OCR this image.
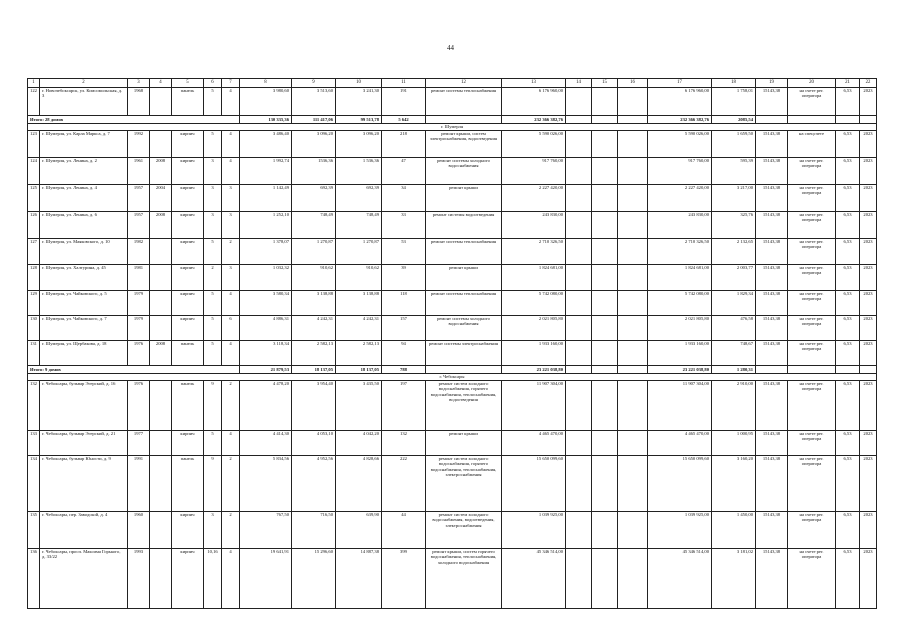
44
1	2	3	4	5	6	7	8	9	10	11	12	13	14	15	16	17	18	19	20	21	22
122	г. Новочебоксарск, ул. Комсомольская, д. 3	1968		панель	5	4	3 980,60	3 513,60	3 241,30	191	ремонт системы теплоснабжения	6 176 960,00				6 176 960,00	1 758,01	15143,38	на счете рег. оператора	6,53	2023
Итого: 28 домов							130 335,36	111 417,06	99 513,78	5 642		232 366 382,76				232 366 382,76	2085,54				
г. Шумерля																					
123	г. Шумерля, ул. Карла Маркса, д. 7	1992		кирпич	5	4	3 486,40	3 096,20	3 096,20	218	ремонт крыши, систем электроснабжения, водоотведения	5 590 026,00				5 590 026,00	1 659,50	15143,38	на спецсчете	6,53	2023
124	г. Шумерля, ул. Ленина, д. 2	1961	2008	кирпич	3	4	1 992,74	1536,36	1 536,36	47	ремонт системы холодного водоснабжения	917 760,00				917 760,00	595,39	15143,38	на счете рег. оператора	6,53	2023
125	г. Шумерля, ул. Ленина, д. 4	1957	2004	кирпич	3	3	1 142,49	692,39	692,39	34	ремонт крыши	2 227 420,00				2 227 420,00	3 217,00	15143,38	на счете рег. оператора	6,53	2023
126	г. Шумерля, ул. Ленина, д. 6	1957	2008	кирпич	3	3	1 252,10	748,49	748,49	33	ремонт системы водоотведения	243 830,00				243 830,00	325,76	15143,38	на счете рег. оператора	6,53	2023
127	г. Шумерля, ул. Маяковского, д. 10	1982		кирпич	5	2	1 378,07	1 270,87	1 270,87	53	ремонт системы теплоснабжения	2 710 326,50				2 710 326,50	2 132,65	15143,38	на счете рег. оператора	6,53	2023
128	г. Шумерля, ул. Халтурина, д. 45	1981		кирпич	2	3	1 032,32	910,62	910,62	39	ремонт крыши	1 824 681,00				1 824 681,00	2 003,77	15143,38	на счете рег. оператора	6,53	2023
129	г. Шумерля, ул. Чайковского, д. 5	1979		кирпич	5	4	3 580,34	3 138,88	3 138,88	118	ремонт системы теплоснабжения	5 742 080,00				5 742 080,00	1 829,34	15143,38	на счете рег. оператора	6,53	2023
130	г. Шумерля, ул. Чайковского, д. 7	1979		кирпич	5	6	4 886,31	4 242,31	4 242,31	157	ремонт системы холодного водоснабжения	2 021 805,80				2 021 805,80	476,58	15143,38	на счете рег. оператора	6,53	2023
131	г. Шумерля, ул. Щербакова, д. 18	1976	2008	панель	5	4	3 118,34	2 582,13	2 582,13	94	ремонт системы электроснабжения	1 933 160,00				1 933 160,00	748,67	15143,38	на счете рег. оператора	6,53	2023
Итого: 9 домов							21 879,53	18 137,05	18 137,05	788		23 221 038,80				23 221 038,80	1 280,31				
г. Чебоксары																					
132	г. Чебоксары, бульвар Эгерский, д. 16	1976		панель	9	2	4 478,20	3 954,40	3 435,50	197	ремонт систем холодного водоснабжения, горячего водоснабжения, теплоснабжения, водоотведения	11 907 304,00				11 907 304,00	2 910,00	15143,38	на счете рег. оператора	6,53	2023
133	г. Чебоксары, бульвар Эгерский, д. 21	1977		кирпич	5	4	4 414,30	4 053,10	4 042,20	132	ремонт крыши	4 465 470,00				4 465 470,00	1 000,95	15143,38	на счете рег. оператора	6,53	2023
134	г. Чебоксары, бульвар Юности, д. 9	1991		панель	9	2	5 834,56	4 952,56	4 828,66	222	ремонт систем холодного водоснабжения, горячего водоснабжения, теплоснабжения, электроснабжения	15 650 099,60				15 650 099,60	3 160,20	15143,38	на счете рег. оператора	6,53	2023
135	г. Чебоксары, пер. Заводской, д. 4	1960		кирпич	3	2	767,50	716,50	639,90	44	ремонт систем холодного водоснабжения, водоотведения, электроснабжения	1 039 925,00				1 039 925,00	1 450,00	15143,38	на счете рег. оператора	6,53	2023
136	г. Чебоксары, просп. Максима Горького, д. 33/22	1993		кирпич	10,16	4	19 641,91	15 296,60	14 887,38	399	ремонт крыши, систем горячего водоснабжения, теплоснабжения, холодного водоснабжения	45 346 514,00				45 346 514,00	3 181,02	15143,38	на счете рег. оператора	6,53	2023
